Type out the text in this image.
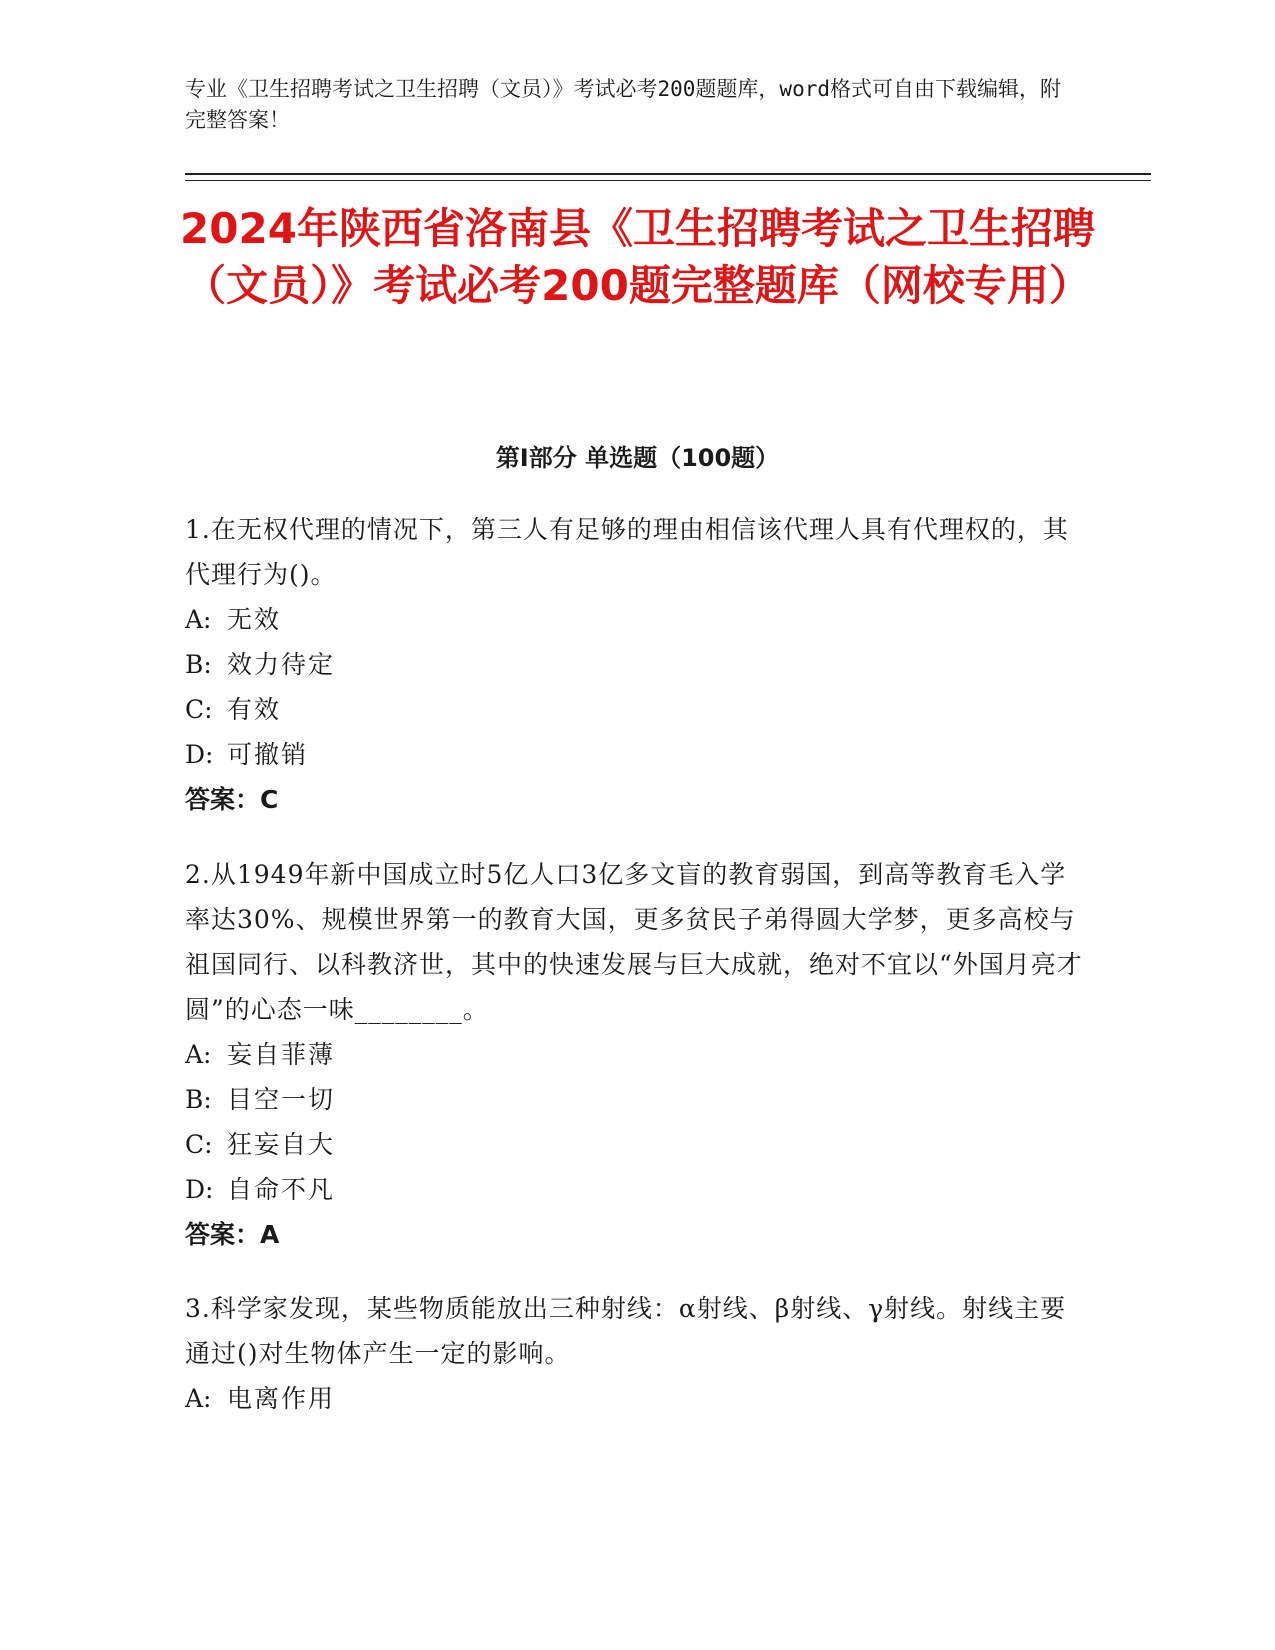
专业《卫生招聘考试之卫生招聘（文员）》考试必考200题题库，word格式可自由下载编辑，附完整答案！
2024年陕西省洛南县《卫生招聘考试之卫生招聘（文员）》考试必考200题完整题库（网校专用）
第Ⅰ部分 单选题（100题）

1.在无权代理的情况下，第三人有足够的理由相信该代理人具有代理权的，其代理行为()。

A: 无效

B: 效力待定

C: 有效

D: 可撤销

答案：C

2.从1949年新中国成立时5亿人口3亿多文盲的教育弱国，到高等教育毛入学率达30%、规模世界第一的教育大国，更多贫民子弟得圆大学梦，更多高校与祖国同行、以科教济世，其中的快速发展与巨大成就，绝对不宜以“外国月亮才圆”的心态一味________。

A: 妄自菲薄

B: 目空一切

C: 狂妄自大

D: 自命不凡

答案：A

3.科学家发现，某些物质能放出三种射线：α射线、β射线、γ射线。射线主要通过()对生物体产生一定的影响。

A: 电离作用
